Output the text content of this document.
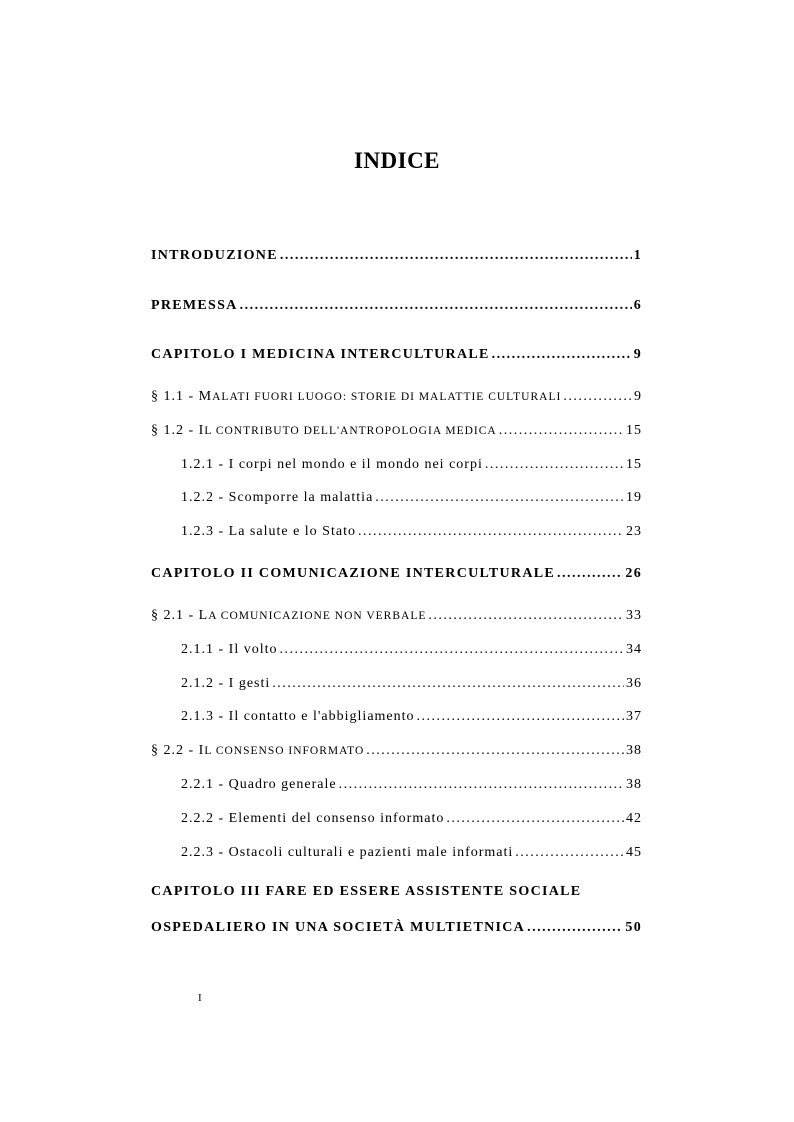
INDICE
INTRODUZIONE .....	1
PREMESSA .....	6
CAPITOLO I MEDICINA INTERCULTURALE .....	9
§ 1.1 - MALATI FUORI LUOGO: STORIE DI MALATTIE CULTURALI .....	9
§ 1.2 - IL CONTRIBUTO DELL'ANTROPOLOGIA MEDICA .....	15
1.2.1 - I corpi nel mondo e il mondo nei corpi .....	15
1.2.2 - Scomporre la malattia .....	19
1.2.3 - La salute e lo Stato .....	23
CAPITOLO II COMUNICAZIONE INTERCULTURALE .....	26
§ 2.1 - LA COMUNICAZIONE NON VERBALE .....	33
2.1.1 - Il volto .....	34
2.1.2 - I gesti .....	36
2.1.3 - Il contatto e l'abbigliamento .....	37
§ 2.2 - IL CONSENSO INFORMATO .....	38
2.2.1 - Quadro generale .....	38
2.2.2 - Elementi del consenso informato .....	42
2.2.3 - Ostacoli culturali e pazienti male informati .....	45
CAPITOLO III FARE ED ESSERE ASSISTENTE SOCIALE
OSPEDALIERO IN UNA SOCIETÀ MULTIETNICA .....	50
I
